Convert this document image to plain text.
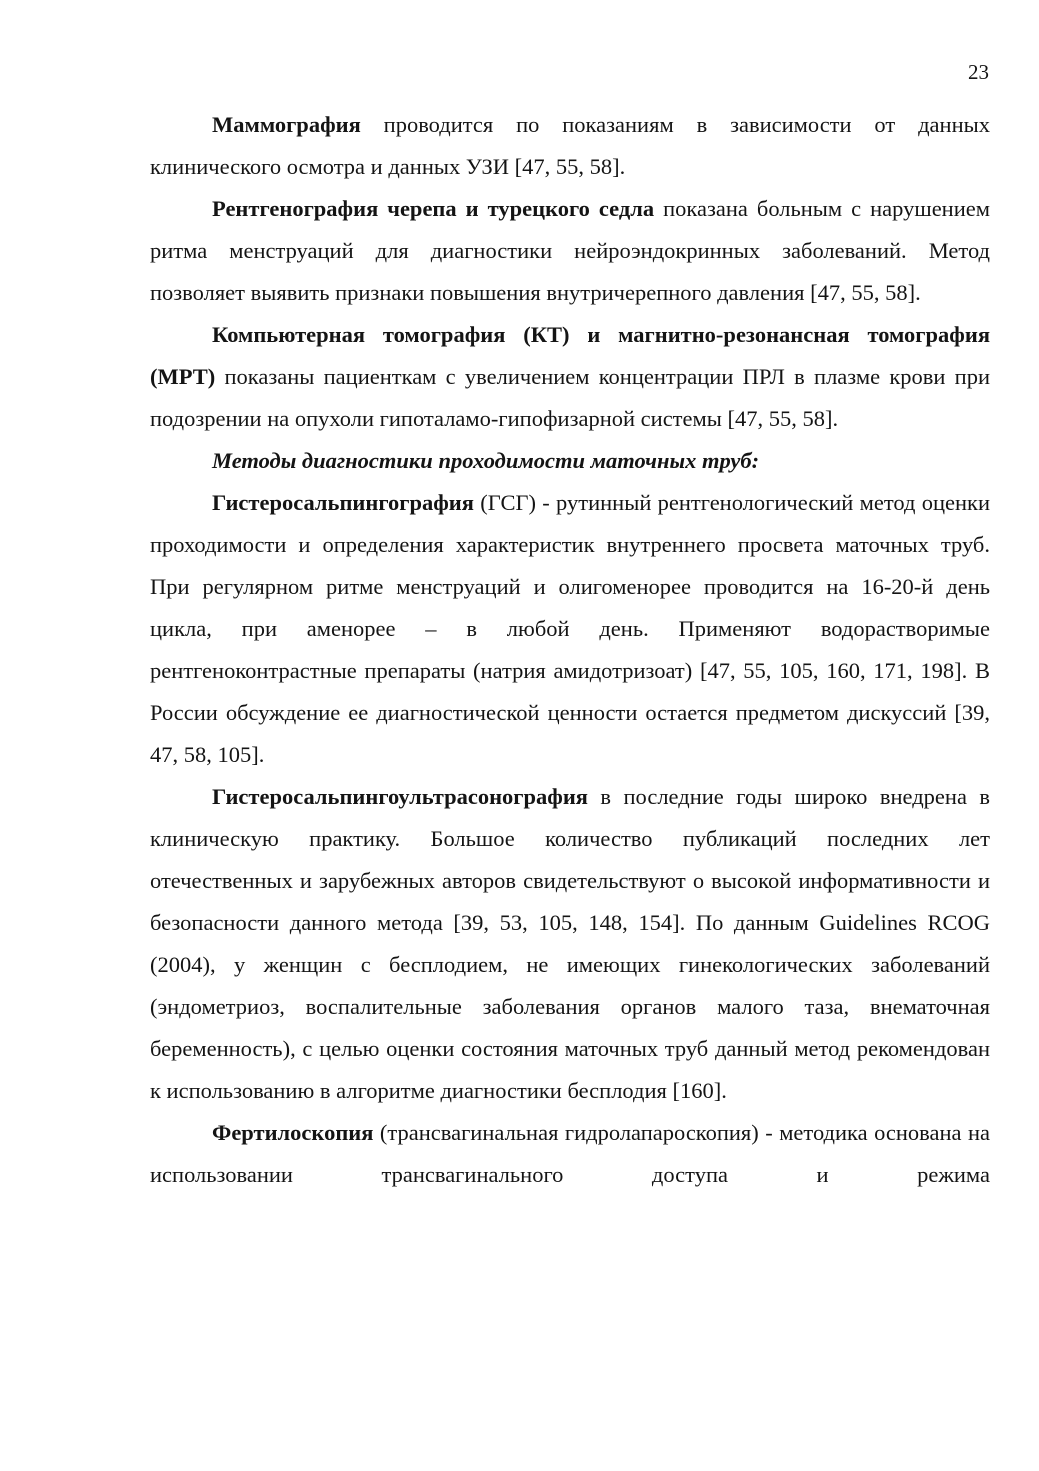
23

Маммография проводится по показаниям в зависимости от данных клинического осмотра и данных УЗИ [47, 55, 58].

Рентгенография черепа и турецкого седла показана больным с нарушением ритма менструаций для диагностики нейроэндокринных заболеваний. Метод позволяет выявить признаки повышения внутричерепного давления [47, 55, 58].

Компьютерная томография (КТ) и магнитно-резонансная томография (МРТ) показаны пациенткам с увеличением концентрации ПРЛ в плазме крови при подозрении на опухоли гипоталамо-гипофизарной системы [47, 55, 58].

Методы диагностики проходимости маточных труб:

Гистеросальпингография (ГСГ) - рутинный рентгенологический метод оценки проходимости и определения характеристик внутреннего просвета маточных труб. При регулярном ритме менструаций и олигоменорее проводится на 16-20-й день цикла, при аменорее – в любой день. Применяют водорастворимые рентгеноконтрастные препараты (натрия амидотризоат) [47, 55, 105, 160, 171, 198]. В России обсуждение ее диагностической ценности остается предметом дискуссий [39, 47, 58, 105].

Гистеросальпингоультрасонография в последние годы широко внедрена в клиническую практику. Большое количество публикаций последних лет отечественных и зарубежных авторов свидетельствуют о высокой информативности и безопасности данного метода [39, 53, 105, 148, 154]. По данным Guidelines RCOG (2004), у женщин с бесплодием, не имеющих гинекологических заболеваний (эндометриоз, воспалительные заболевания органов малого таза, внематочная беременность), с целью оценки состояния маточных труб данный метод рекомендован к использованию в алгоритме диагностики бесплодия [160].

Фертилоскопия (трансвагинальная гидролапароскопия) - методика основана на использовании трансвагинального доступа и режима
